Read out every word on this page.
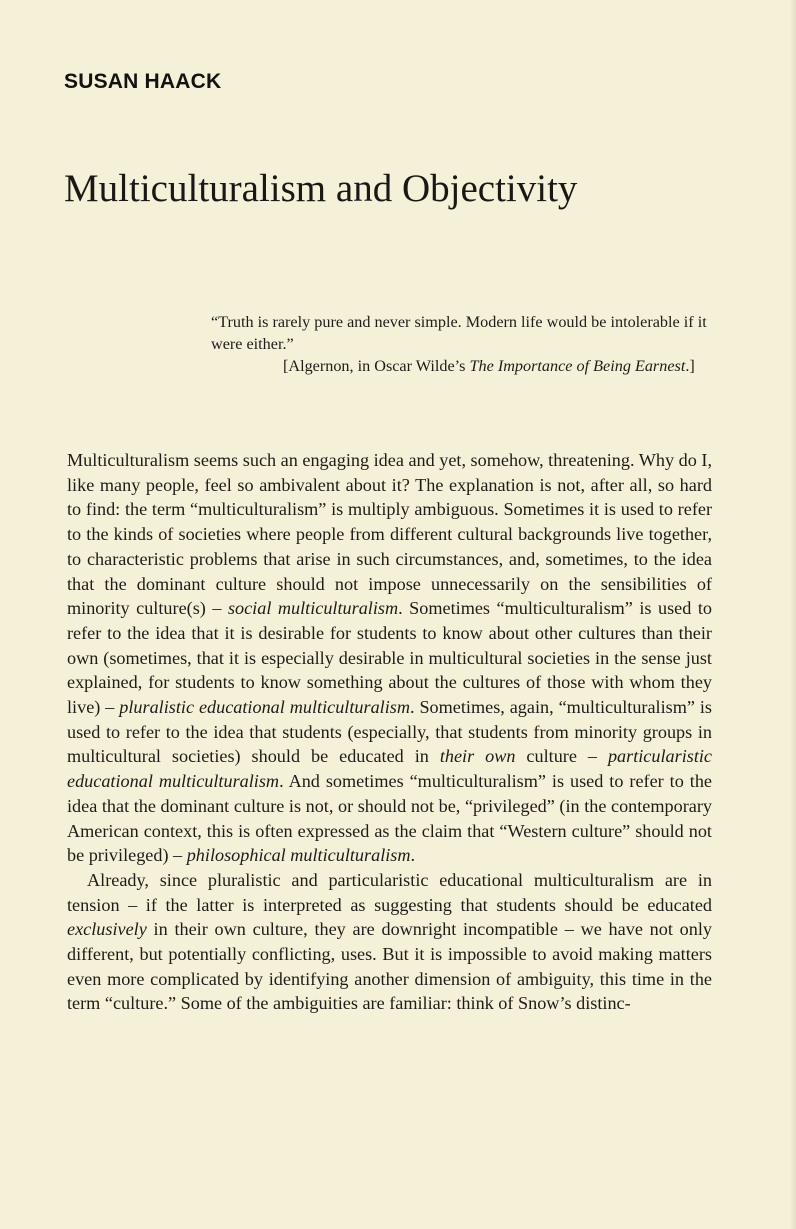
SUSAN HAACK
Multiculturalism and Objectivity

“Truth is rarely pure and never simple. Modern life would be intolerable if it were either.”

[Algernon, in Oscar Wilde’s The Importance of Being Earnest.]

Multiculturalism seems such an engaging idea and yet, somehow, threatening. Why do I, like many people, feel so ambivalent about it? The explanation is not, after all, so hard to find: the term “multiculturalism” is multiply ambiguous. Sometimes it is used to refer to the kinds of societies where people from different cultural backgrounds live together, to characteristic problems that arise in such circumstances, and, sometimes, to the idea that the dominant culture should not impose unnecessarily on the sensibilities of minority culture(s) – social multiculturalism. Sometimes “multiculturalism” is used to refer to the idea that it is desirable for students to know about other cultures than their own (sometimes, that it is especially desirable in multicultural societies in the sense just explained, for students to know something about the cultures of those with whom they live) – pluralistic educational multiculturalism. Sometimes, again, “multiculturalism” is used to refer to the idea that students (especially, that students from minority groups in multicultural societies) should be educated in their own culture – particularistic educational multiculturalism. And sometimes “multiculturalism” is used to refer to the idea that the dominant culture is not, or should not be, “privileged” (in the contemporary American context, this is often expressed as the claim that “Western culture” should not be privileged) – philosophical multiculturalism.

Already, since pluralistic and particularistic educational multiculturalism are in tension – if the latter is interpreted as suggesting that students should be educated exclusively in their own culture, they are downright incompatible – we have not only different, but potentially conflicting, uses. But it is impossible to avoid making matters even more complicated by identifying another dimension of ambiguity, this time in the term “culture.” Some of the ambiguities are familiar: think of Snow’s distinc-
